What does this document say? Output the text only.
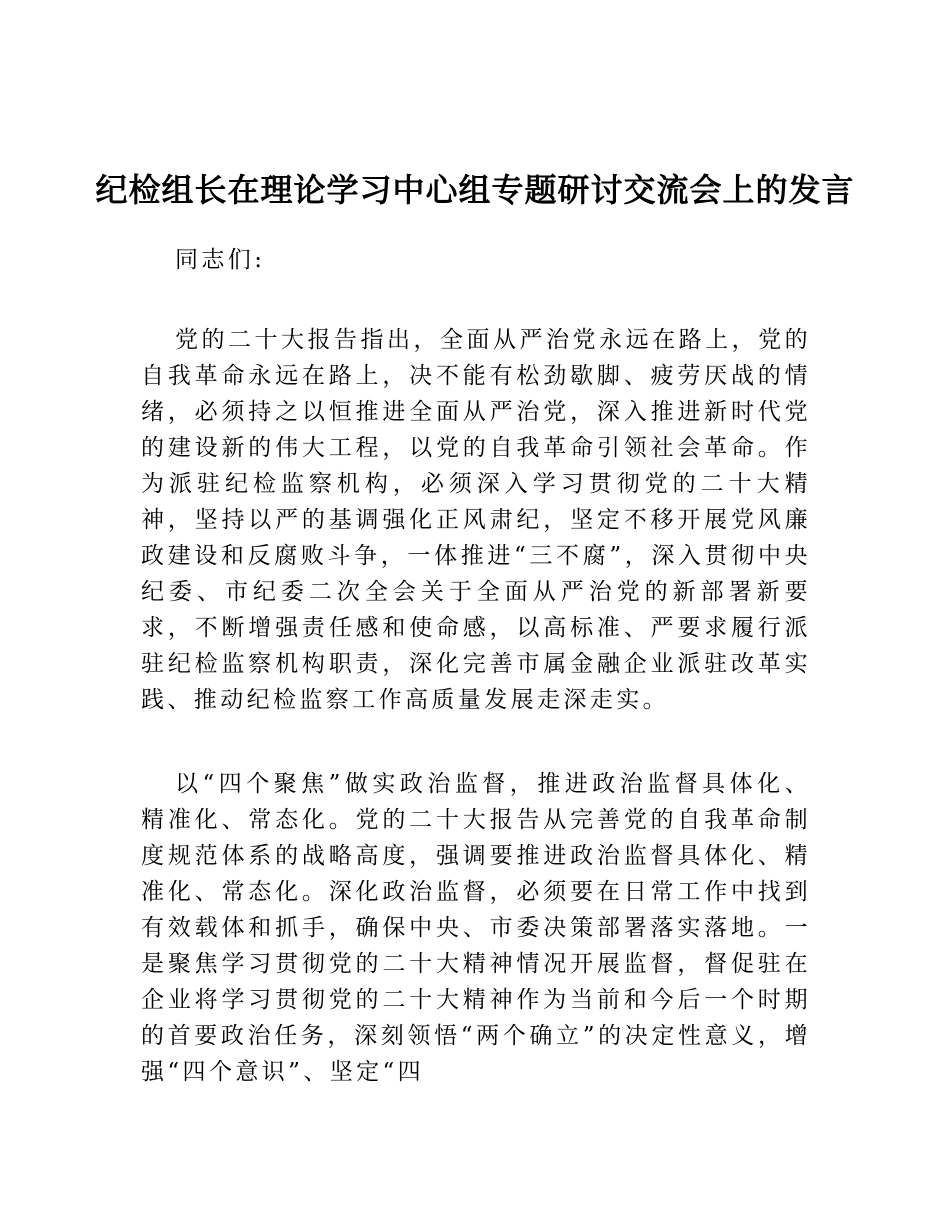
纪检组长在理论学习中心组专题研讨交流会上的发言

同志们:

党的二十大报告指出，全面从严治党永远在路上，党的自我革命永远在路上，决不能有松劲歇脚、疲劳厌战的情绪，必须持之以恒推进全面从严治党，深入推进新时代党的建设新的伟大工程，以党的自我革命引领社会革命。作为派驻纪检监察机构，必须深入学习贯彻党的二十大精神，坚持以严的基调强化正风肃纪，坚定不移开展党风廉政建设和反腐败斗争，一体推进“三不腐”，深入贯彻中央纪委、市纪委二次全会关于全面从严治党的新部署新要求，不断增强责任感和使命感，以高标准、严要求履行派驻纪检监察机构职责，深化完善市属金融企业派驻改革实践、推动纪检监察工作高质量发展走深走实。

以“四个聚焦”做实政治监督，推进政治监督具体化、精准化、常态化。党的二十大报告从完善党的自我革命制度规范体系的战略高度，强调要推进政治监督具体化、精准化、常态化。深化政治监督，必须要在日常工作中找到有效载体和抓手，确保中央、市委决策部署落实落地。一是聚焦学习贯彻党的二十大精神情况开展监督，督促驻在企业将学习贯彻党的二十大精神作为当前和今后一个时期的首要政治任务，深刻领悟“两个确立”的决定性意义，增强“四个意识”、坚定“四
